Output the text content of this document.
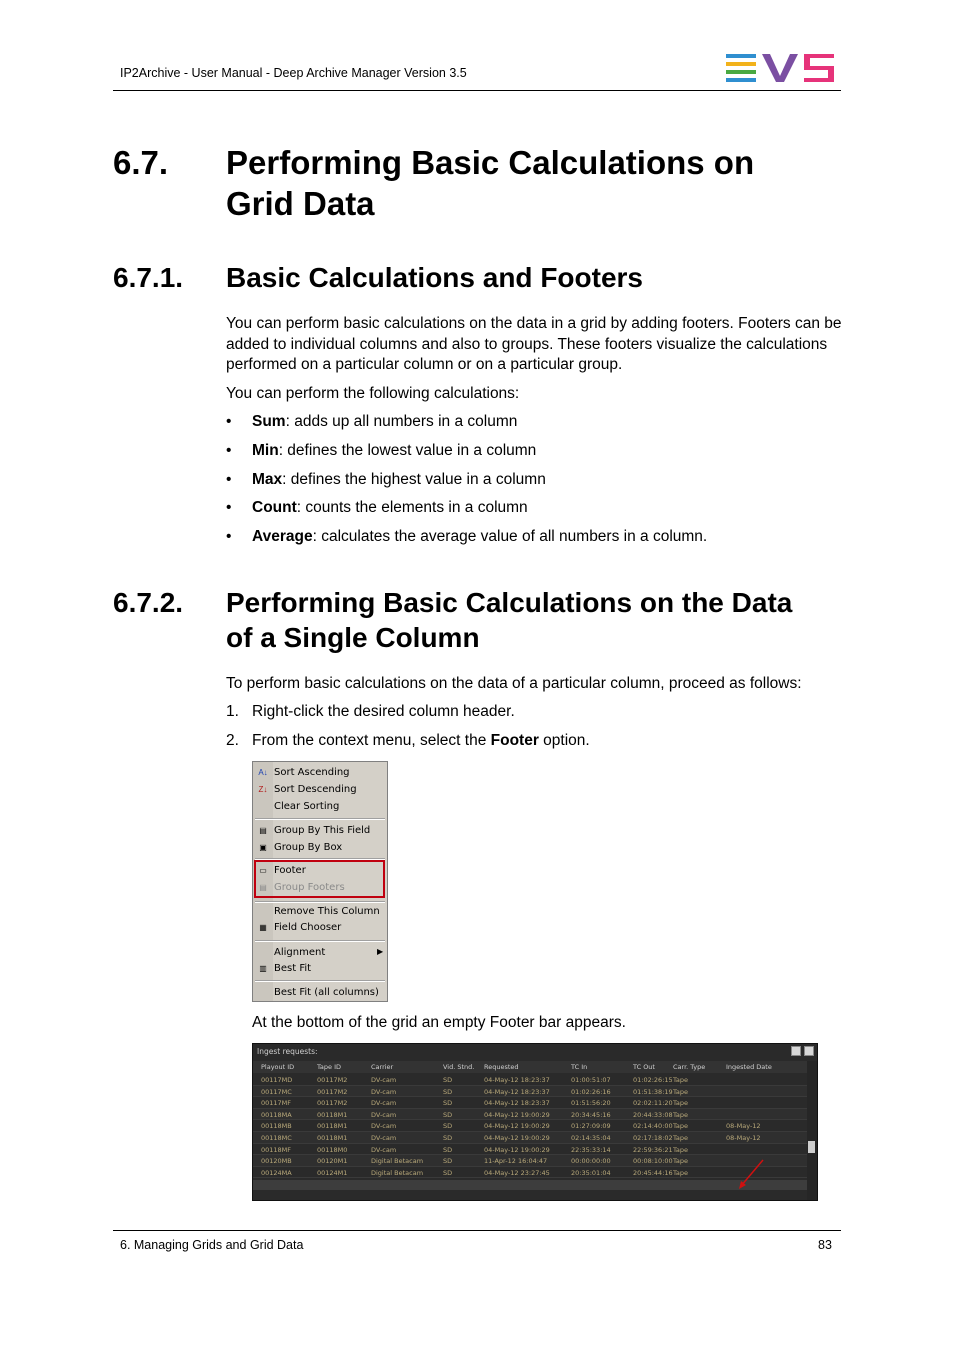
IP2Archive - User Manual - Deep Archive Manager Version 3.5
6.7. Performing Basic Calculations on
Grid Data
6.7.1. Basic Calculations and Footers
You can perform basic calculations on the data in a grid by adding footers. Footers can be
added to individual columns and also to groups. These footers visualize the calculations
performed on a particular column or on a particular group.
You can perform the following calculations:
• Sum: adds up all numbers in a column
• Min: defines the lowest value in a column
• Max: defines the highest value in a column
• Count: counts the elements in a column
• Average: calculates the average value of all numbers in a column.
6.7.2. Performing Basic Calculations on the Data
of a Single Column
To perform basic calculations on the data of a particular column, proceed as follows:
1. Right-click the desired column header.
2. From the context menu, select the Footer option.
A↓ Sort Ascending
Z↓ Sort Descending
Clear Sorting
▤ Group By This Field
▣ Group By Box
▭ Footer
▤ Group Footers
Remove This Column
▦ Field Chooser
Alignment	▶
▥ Best Fit
Best Fit (all columns)
At the bottom of the grid an empty Footer bar appears.
Ingest requests:
Playout ID	Tape ID	Carrier	Vid. Stnd. Requested	TC In	TC Out	Carr. Type	Ingested Date
00117MD	00117M2	DV-cam	SD	04-May-12 18:23:37	01:00:51:07	01:02:26:15 Tape
00117MC	00117M2	DV-cam	SD	04-May-12 18:23:37	01:02:26:16	01:51:38:19 Tape
00117MF	00117M2	DV-cam	SD	04-May-12 18:23:37	01:51:56:20	02:02:11:20 Tape
00118MA	00118M1	DV-cam	SD	04-May-12 19:00:29	20:34:45:16	20:44:33:08 Tape
00118MB	00118M1	DV-cam	SD	04-May-12 19:00:29	01:27:09:09	02:14:40:00 Tape	08-May-12
00118MC	00118M1	DV-cam	SD	04-May-12 19:00:29	02:14:35:04	02:17:18:02 Tape	08-May-12
00118MF	00118M0	DV-cam	SD	04-May-12 19:00:29	22:35:33:14	22:59:36:21 Tape
00120MB	00120M1	Digital Betacam	SD	11-Apr-12 16:04:47	00:00:00:00	00:08:10:00 Tape
00124MA	00124M1	Digital Betacam	SD	04-May-12 23:27:45	20:35:01:04	20:45:44:16 Tape
6. Managing Grids and Grid Data	83
